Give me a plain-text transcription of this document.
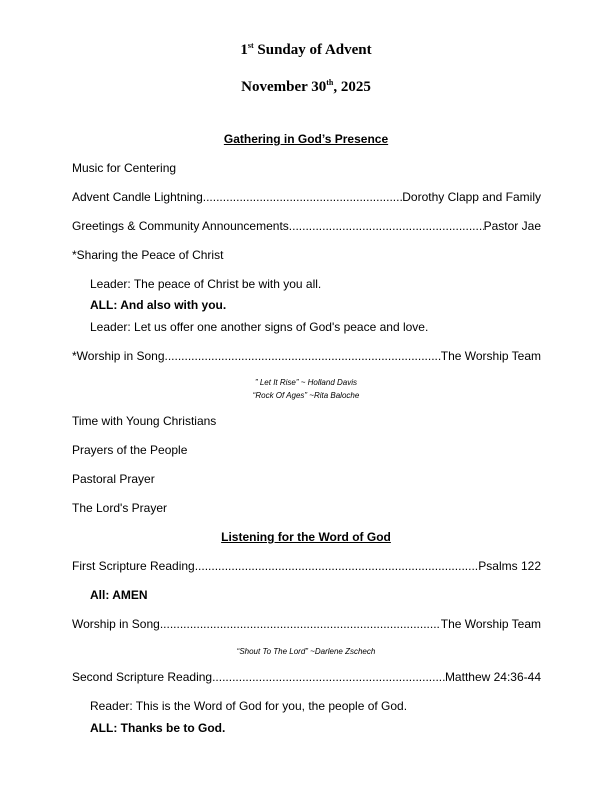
1st Sunday of Advent
November 30th, 2025
Gathering in God’s Presence
Music for Centering
Advent Candle Lightning .....	Dorothy Clapp and Family
Greetings & Community Announcements .....	Pastor Jae
*Sharing the Peace of Christ
Leader: The peace of Christ be with you all.
ALL: And also with you.
Leader: Let us offer one another signs of God's peace and love.
*Worship in Song .....	The Worship Team
” Let It Rise” ~ Holland Davis
“Rock Of Ages” ~Rita Baloche
Time with Young Christians
Prayers of the People
Pastoral Prayer
The Lord's Prayer
Listening for the Word of God
First Scripture Reading .....	Psalms 122
All: AMEN
Worship in Song .....	The Worship Team
“Shout To The Lord” ~Darlene Zschech
Second Scripture Reading .....	Matthew 24:36-44
Reader: This is the Word of God for you, the people of God.
ALL: Thanks be to God.
